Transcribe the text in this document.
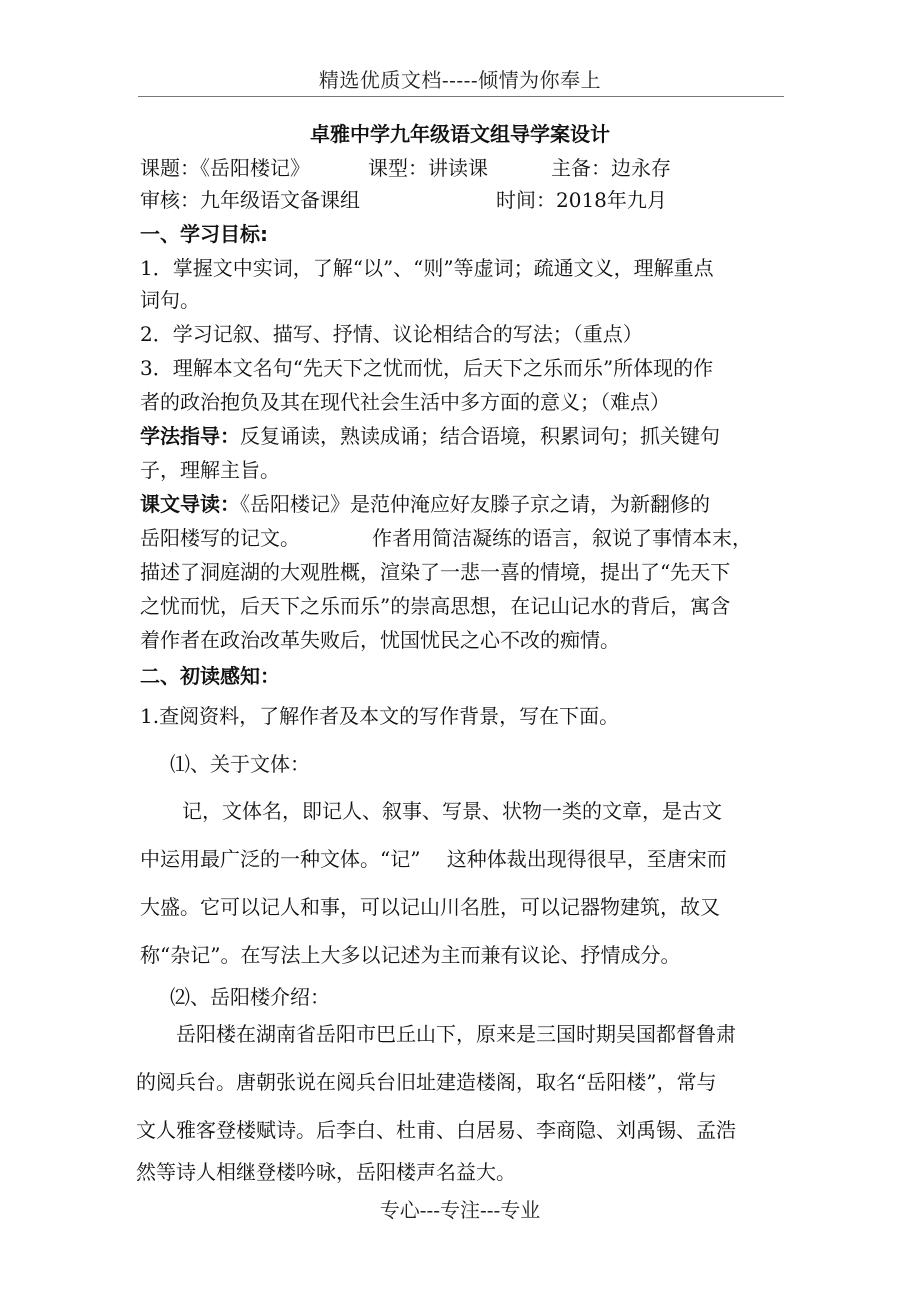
精选优质文档-----倾情为你奉上
卓雅中学九年级语文组导学案设计
课题：《岳阳楼记》	课型：讲读课	主备：边永存
审核：九年级语文备课组	时间：2018年九月
一、学习目标:
1．掌握文中实词，了解“以”、“则”等虚词；疏通文义，理解重点
词句。
2．学习记叙、描写、抒情、议论相结合的写法；（重点）
3．理解本文名句“先天下之忧而忧，后天下之乐而乐”所体现的作
者的政治抱负及其在现代社会生活中多方面的意义；（难点）
学法指导：反复诵读，熟读成诵；结合语境，积累词句；抓关键句
子，理解主旨。
课文导读：《岳阳楼记》是范仲淹应好友滕子京之请，为新翻修的
岳阳楼写的记文。	作者用简洁凝练的语言，叙说了事情本末，
描述了洞庭湖的大观胜概，渲染了一悲一喜的情境，提出了“先天下
之忧而忧，后天下之乐而乐”的崇高思想，在记山记水的背后，寓含
着作者在政治改革失败后，忧国忧民之心不改的痴情。
二、初读感知：
1.查阅资料，了解作者及本文的写作背景，写在下面。
⑴、关于文体：
记，文体名，即记人、叙事、写景、状物一类的文章，是古文
中运用最广泛的一种文体。“记”　 这种体裁出现得很早，至唐宋而
大盛。它可以记人和事，可以记山川名胜，可以记器物建筑，故又
称“杂记”。在写法上大多以记述为主而兼有议论、抒情成分。
⑵、岳阳楼介绍：
岳阳楼在湖南省岳阳市巴丘山下，原来是三国时期吴国都督鲁肃
的阅兵台。唐朝张说在阅兵台旧址建造楼阁，取名“岳阳楼”，常与
文人雅客登楼赋诗。后李白、杜甫、白居易、李商隐、刘禹锡、孟浩
然等诗人相继登楼吟咏，岳阳楼声名益大。
专心---专注---专业
